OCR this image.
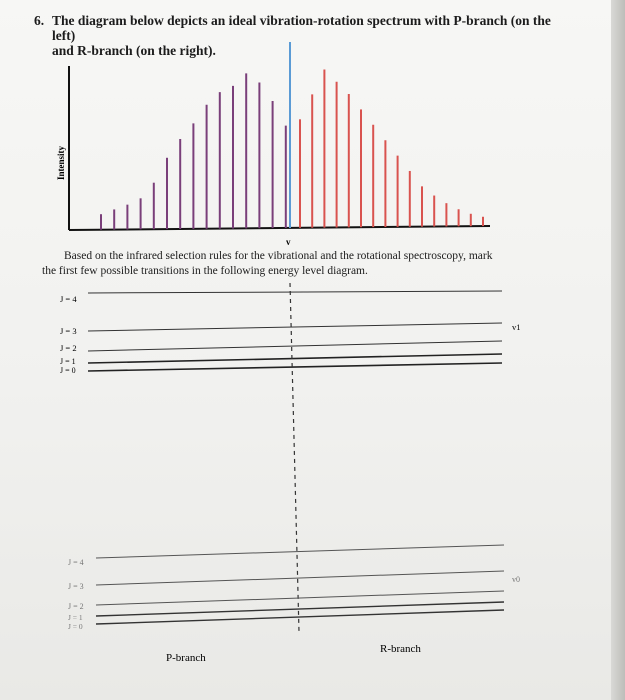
6. The diagram below depicts an ideal vibration-rotation spectrum with P-branch (on the left)
and R-branch (on the right).
Intensity
v
J = 4
J = 3
J = 2
J = 1
J = 0
v1
J = 4
J = 3
J = 2
J = 1
J = 0
v0
P-branch
R-branch
Based on the infrared selection rules for the vibrational and the rotational spectroscopy, mark
the first few possible transitions in the following energy level diagram.
